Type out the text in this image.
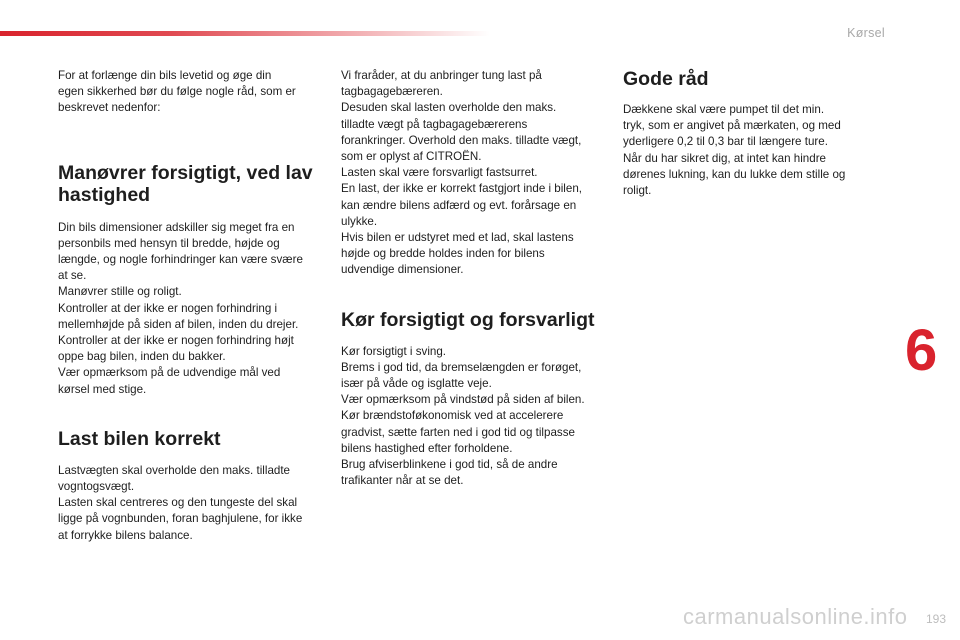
Kørsel
6
193
carmanualsonline.info

For at forlænge din bils levetid og øge din
egen sikkerhed bør du følge nogle råd, som er
beskrevet nedenfor:

Manøvrer forsigtigt, ved lav
hastighed

Din bils dimensioner adskiller sig meget fra en
personbils med hensyn til bredde, højde og
længde, og nogle forhindringer kan være svære
at se.
Manøvrer stille og roligt.
Kontroller at der ikke er nogen forhindring i
mellemhøjde på siden af bilen, inden du drejer.
Kontroller at der ikke er nogen forhindring højt
oppe bag bilen, inden du bakker.
Vær opmærksom på de udvendige mål ved
kørsel med stige.

Last bilen korrekt

Lastvægten skal overholde den maks. tilladte
vogntogsvægt.
Lasten skal centreres og den tungeste del skal
ligge på vognbunden, foran baghjulene, for ikke
at forrykke bilens balance.

Vi fraråder, at du anbringer tung last på
tagbagagebæreren.
Desuden skal lasten overholde den maks.
tilladte vægt på tagbagagebærerens
forankringer. Overhold den maks. tilladte vægt,
som er oplyst af CITROËN.
Lasten skal være forsvarligt fastsurret.
En last, der ikke er korrekt fastgjort inde i bilen,
kan ændre bilens adfærd og evt. forårsage en
ulykke.
Hvis bilen er udstyret med et lad, skal lastens
højde og bredde holdes inden for bilens
udvendige dimensioner.

Kør forsigtigt og forsvarligt

Kør forsigtigt i sving.
Brems i god tid, da bremselængden er forøget,
især på våde og isglatte veje.
Vær opmærksom på vindstød på siden af bilen.
Kør brændstoføkonomisk ved at accelerere
gradvist, sætte farten ned i god tid og tilpasse
bilens hastighed efter forholdene.
Brug afviserblinkene i god tid, så de andre
trafikanter når at se det.

Gode råd

Dækkene skal være pumpet til det min.
tryk, som er angivet på mærkaten, og med
yderligere 0,2 til 0,3 bar til længere ture.
Når du har sikret dig, at intet kan hindre
dørenes lukning, kan du lukke dem stille og
roligt.
